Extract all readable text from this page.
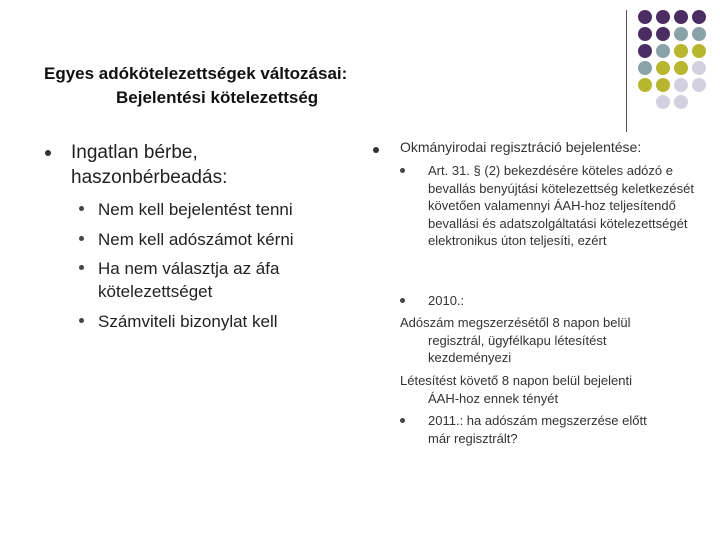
Egyes adókötelezettségek változásai:
Bejelentési kötelezettség
Ingatlan bérbe, haszonbérbeadás:
Nem kell bejelentést tenni
Nem kell adószámot kérni
Ha nem választja az áfa kötelezettséget
Számviteli bizonylat kell
Okmányirodai regisztráció bejelentése:
Art. 31. § (2) bekezdésére köteles adózó e bevallás benyújtási kötelezettség keletkezését követően valamennyi ÁAH-hoz teljesítendő bevallási és adatszolgáltatási kötelezettségét elektronikus úton teljesíti, ezért
2010.:
Adószám megszerzésétől 8 napon belül
regisztrál, ügyfélkapu létesítést kezdeményezi
Létesítést követő 8 napon belül bejelenti
ÁAH-hoz ennek tényét
2011.: ha adószám megszerzése előtt már regisztrált?
